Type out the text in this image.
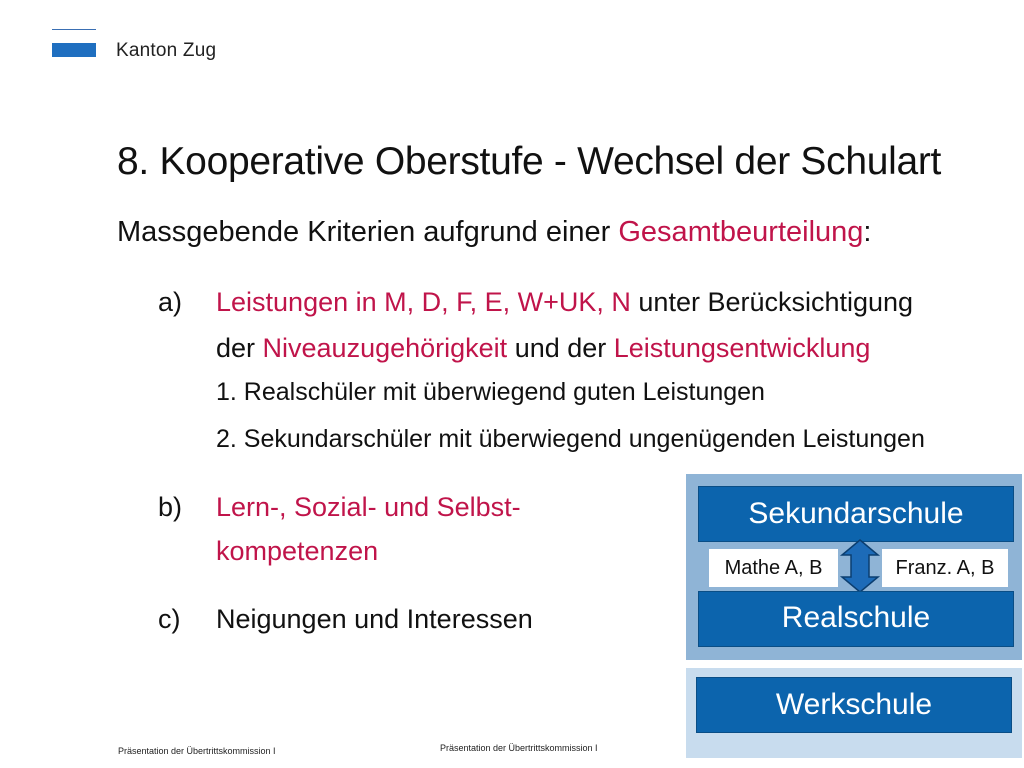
Kanton Zug
8. Kooperative Oberstufe - Wechsel der Schulart
Massgebende Kriterien aufgrund einer Gesamtbeurteilung:
a) Leistungen in M, D, F, E, W+UK, N unter Berücksichtigung
der Niveauzugehörigkeit und der Leistungsentwicklung
1. Realschüler mit überwiegend guten Leistungen
2. Sekundarschüler mit überwiegend ungenügenden Leistungen
b) Lern-, Sozial- und Selbst-
kompetenzen
c) Neigungen und Interessen
Sekundarschule
Mathe A, B	Franz. A, B
Realschule
Werkschule
Präsentation der Übertrittskommission I	Präsentation der Übertrittskommission I
